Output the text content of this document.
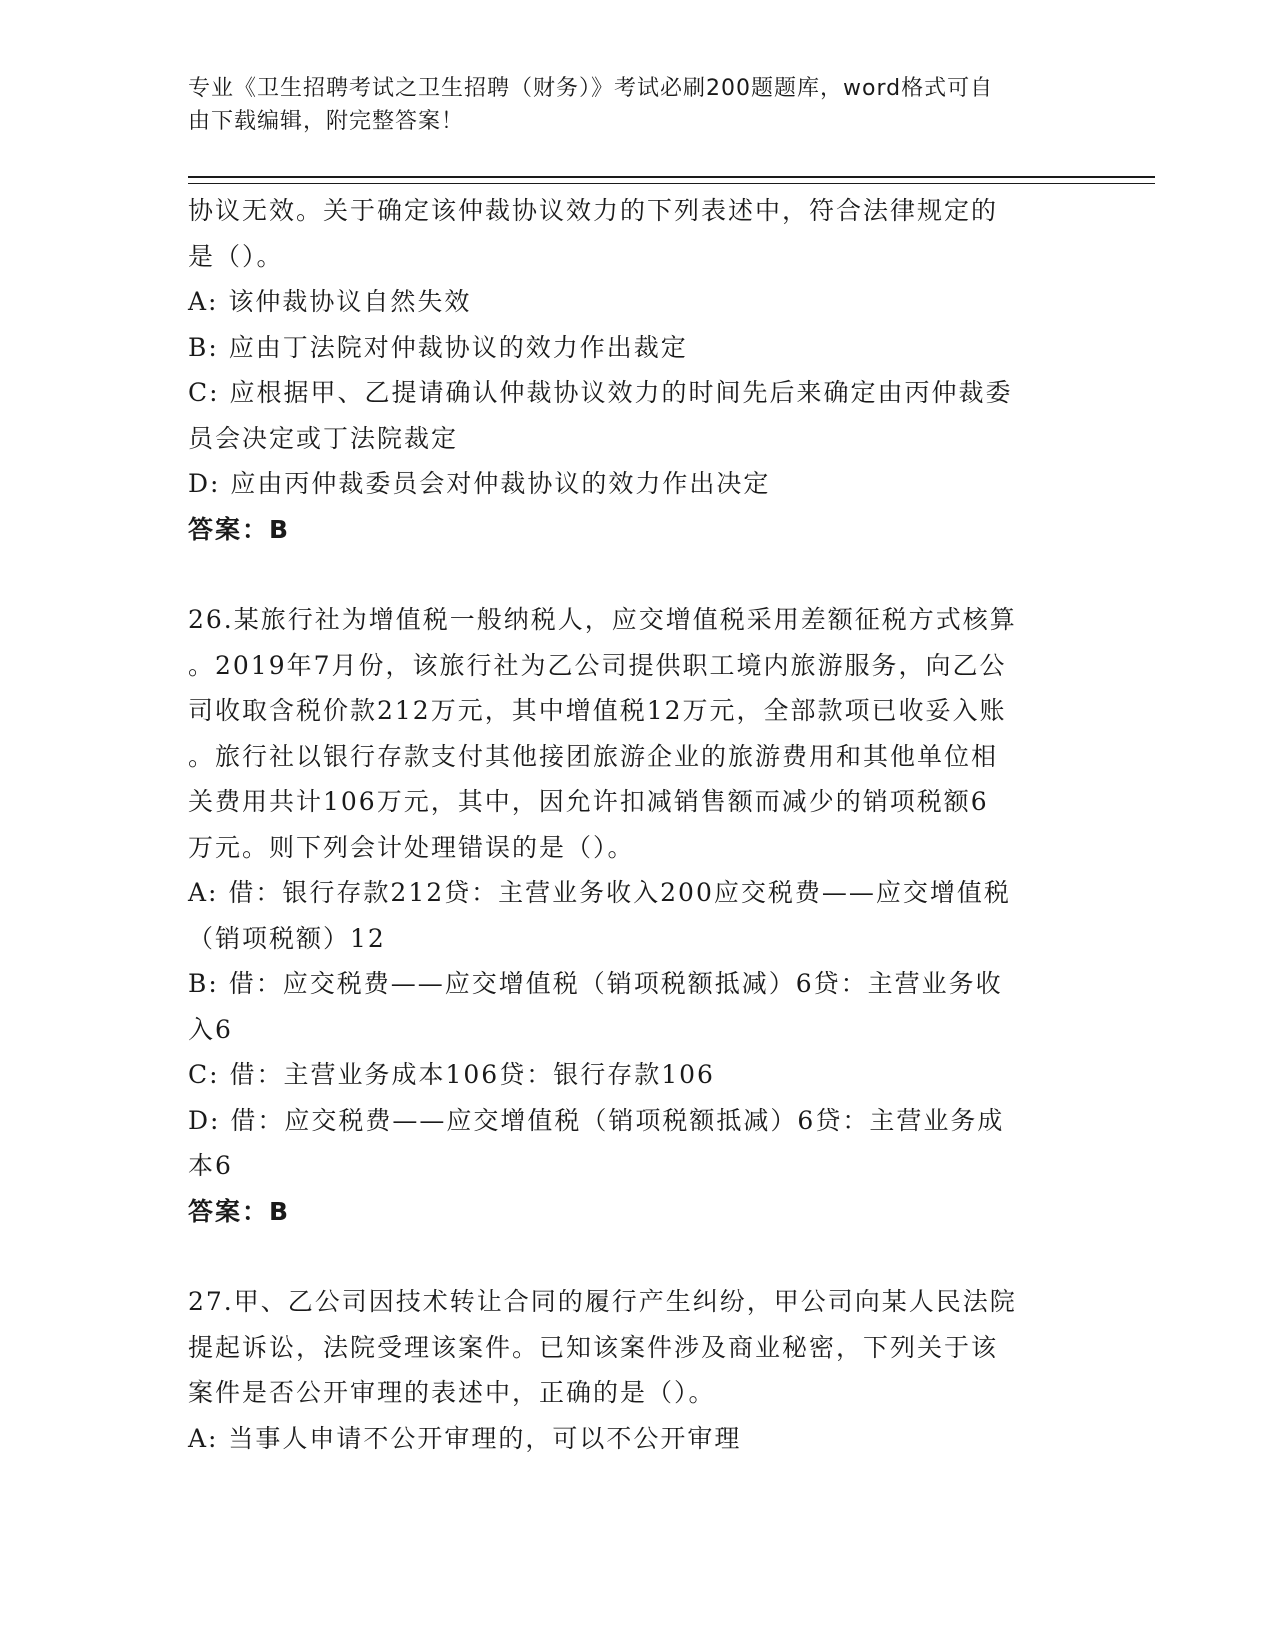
专业《卫生招聘考试之卫生招聘（财务）》考试必刷200题题库，word格式可自
由下载编辑，附完整答案！

协议无效。关于确定该仲裁协议效力的下列表述中，符合法律规定的

是（）。

A: 该仲裁协议自然失效

B: 应由丁法院对仲裁协议的效力作出裁定

C: 应根据甲、乙提请确认仲裁协议效力的时间先后来确定由丙仲裁委

员会决定或丁法院裁定

D: 应由丙仲裁委员会对仲裁协议的效力作出决定

答案：B

26.某旅行社为增值税一般纳税人，应交增值税采用差额征税方式核算

。2019年7月份，该旅行社为乙公司提供职工境内旅游服务，向乙公

司收取含税价款212万元，其中增值税12万元，全部款项已收妥入账

。旅行社以银行存款支付其他接团旅游企业的旅游费用和其他单位相

关费用共计106万元，其中，因允许扣减销售额而减少的销项税额6

万元。则下列会计处理错误的是（）。

A: 借：银行存款212贷：主营业务收入200应交税费——应交增值税

（销项税额）12

B: 借：应交税费——应交增值税（销项税额抵减）6贷：主营业务收

入6

C: 借：主营业务成本106贷：银行存款106

D: 借：应交税费——应交增值税（销项税额抵减）6贷：主营业务成

本6

答案：B

27.甲、乙公司因技术转让合同的履行产生纠纷，甲公司向某人民法院

提起诉讼，法院受理该案件。已知该案件涉及商业秘密，下列关于该

案件是否公开审理的表述中，正确的是（）。

A: 当事人申请不公开审理的，可以不公开审理
